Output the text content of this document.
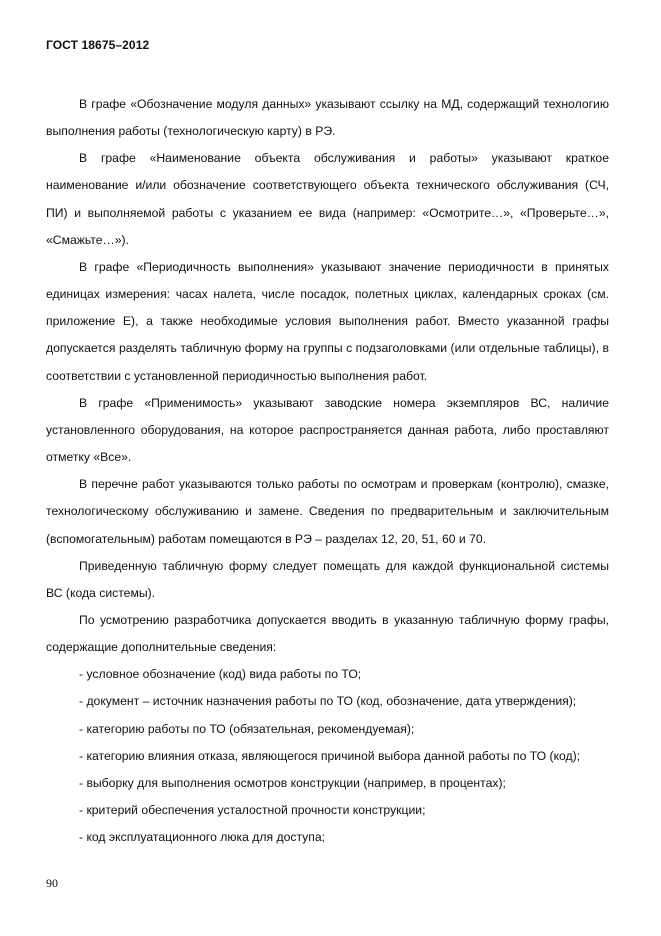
ГОСТ 18675–2012

В графе «Обозначение модуля данных» указывают ссылку на МД, содержащий технологию выполнения работы (технологическую карту) в РЭ.

В графе «Наименование объекта обслуживания и работы» указывают краткое наименование и/или обозначение соответствующего объекта технического обслуживания (СЧ, ПИ) и выполняемой работы с указанием ее вида (например: «Осмотрите…», «Проверьте…», «Смажьте…»).

В графе «Периодичность выполнения» указывают значение периодичности в принятых единицах измерения: часах налета, числе посадок, полетных циклах, календарных сроках (см. приложение Е), а также необходимые условия выполнения работ. Вместо указанной графы допускается разделять табличную форму на группы с подзаголовками (или отдельные таблицы), в соответствии с установленной периодичностью выполнения работ.

В графе «Применимость» указывают заводские номера экземпляров ВС, наличие установленного оборудования, на которое распространяется данная работа, либо проставляют отметку «Все».

В перечне работ указываются только работы по осмотрам и проверкам (контролю), смазке, технологическому обслуживанию и замене. Сведения по предварительным и заключительным (вспомогательным) работам помещаются в РЭ – разделах 12, 20, 51, 60 и 70.

Приведенную табличную форму следует помещать для каждой функциональной системы ВС (кода системы).

По усмотрению разработчика допускается вводить в указанную табличную форму графы, содержащие дополнительные сведения:

- условное обозначение (код) вида работы по ТО;

- документ – источник назначения работы по ТО (код, обозначение, дата утверждения);

- категорию работы по ТО (обязательная, рекомендуемая);

- категорию влияния отказа, являющегося причиной выбора данной работы по ТО (код);

- выборку для выполнения осмотров конструкции (например, в процентах);

- критерий обеспечения усталостной прочности конструкции;

- код эксплуатационного люка для доступа;

90
